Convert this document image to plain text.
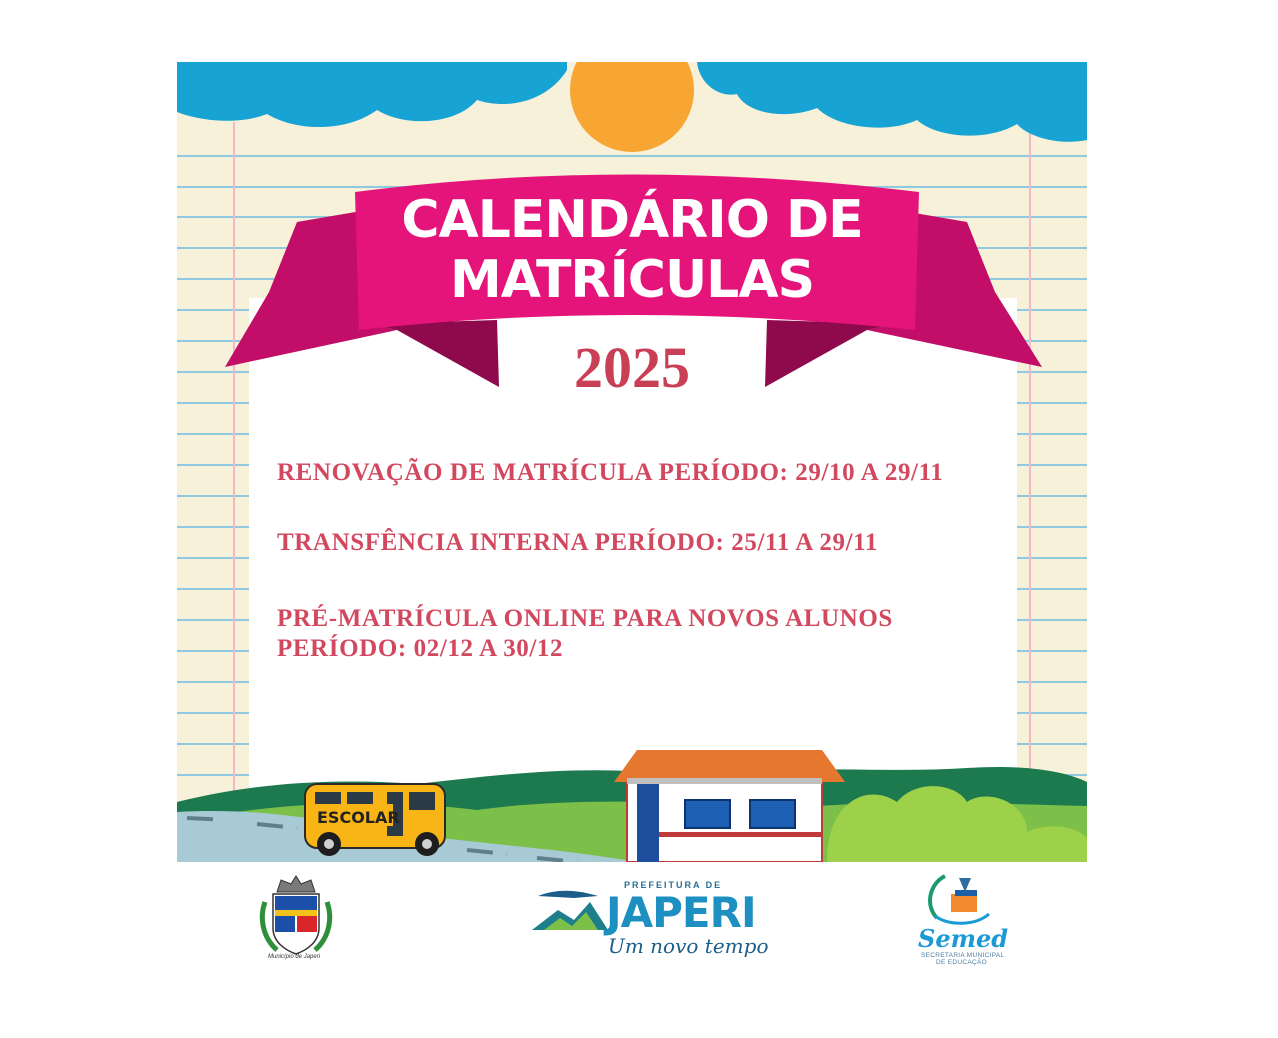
CALENDÁRIO DE
MATRÍCULAS
2025
RENOVAÇÃO DE MATRÍCULA PERÍODO: 29/10 A 29/11
TRANSFÊNCIA INTERNA PERÍODO: 25/11 A 29/11
PRÉ-MATRÍCULA ONLINE PARA NOVOS ALUNOS
PERÍODO: 02/12 A 30/12
ESCOLAR
Município de Japeri
PREFEITURA DE
JAPERI
Um novo tempo	Semed
SECRETARIA MUNICIPAL
DE EDUCAÇÃO
